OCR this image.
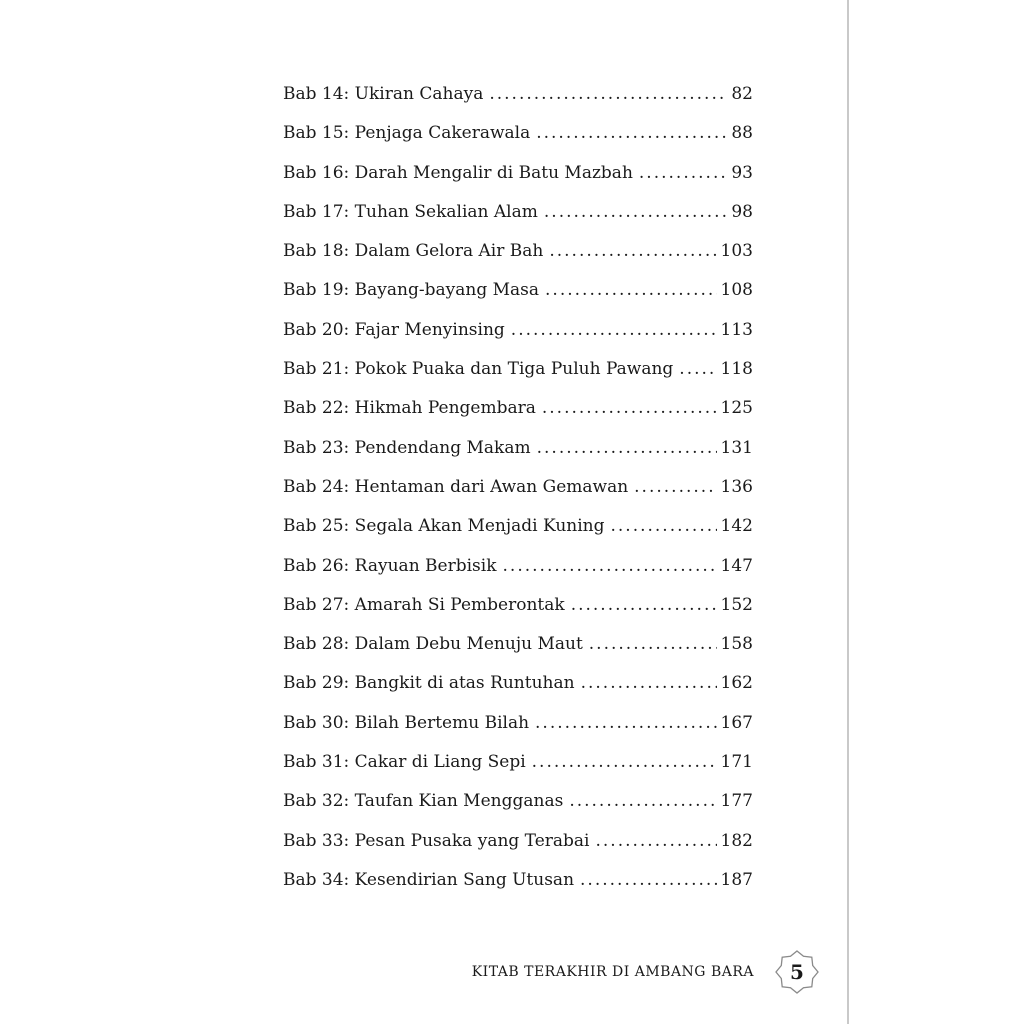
Bab 14: Ukiran Cahaya .....	82
Bab 15: Penjaga Cakerawala .....	88
Bab 16: Darah Mengalir di Batu Mazbah .....	93
Bab 17: Tuhan Sekalian Alam .....	98
Bab 18: Dalam Gelora Air Bah .....	103
Bab 19: Bayang-bayang Masa .....	108
Bab 20: Fajar Menyinsing .....	113
Bab 21: Pokok Puaka dan Tiga Puluh Pawang .....	118
Bab 22: Hikmah Pengembara .....	125
Bab 23: Pendendang Makam .....	131
Bab 24: Hentaman dari Awan Gemawan .....	136
Bab 25: Segala Akan Menjadi Kuning .....	142
Bab 26: Rayuan Berbisik .....	147
Bab 27: Amarah Si Pemberontak .....	152
Bab 28: Dalam Debu Menuju Maut .....	158
Bab 29: Bangkit di atas Runtuhan .....	162
Bab 30: Bilah Bertemu Bilah .....	167
Bab 31: Cakar di Liang Sepi .....	171
Bab 32: Taufan Kian Mengganas .....	177
Bab 33: Pesan Pusaka yang Terabai .....	182
Bab 34: Kesendirian Sang Utusan .....	187
KITAB TERAKHIR DI AMBANG BARA	5
